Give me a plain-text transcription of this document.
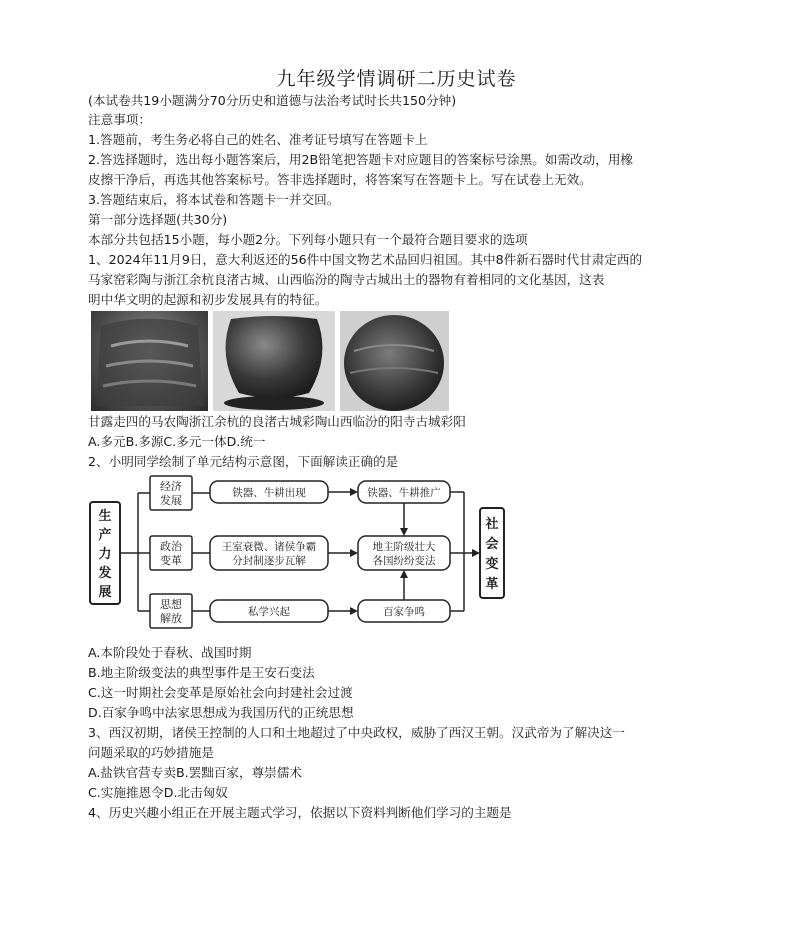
九年级学情调研二历史试卷
(本试卷共19小题满分70分历史和道德与法治考试时长共150分钟)
注意事项：
1.答题前，考生务必将自己的姓名、准考证号填写在答题卡上
2.答选择题时，选出每小题答案后，用2B铅笔把答题卡对应题目的答案标号涂黑。如需改动，用橡
皮擦干净后，再选其他答案标号。答非选择题时，将答案写在答题卡上。写在试卷上无效。
3.答题结束后，将本试卷和答题卡一并交回。
第一部分选择题(共30分)
本部分共包括15小题，每小题2分。下列每小题只有一个最符合题目要求的选项
1、2024年11月9日，意大利返还的56件中国文物艺术品回归祖国。其中8件新石器时代甘肃定西的
马家窑彩陶与浙江余杭良渚古城、山西临汾的陶寺古城出土的器物有着相同的文化基因，这表
明中华文明的起源和初步发展具有的特征。
甘露走四的马农陶浙江余杭的良渚古城彩陶山西临汾的阳寺古城彩阳
A.多元B.多源C.多元一体D.统一
2、小明同学绘制了单元结构示意图，下面解读正确的是
生
产
力
发
展
经济
发展
政治
变革
思想
解放
铁器、牛耕出现	铁器、牛耕推广
王室衰微、诸侯争霸
分封制逐步瓦解
地主阶级壮大
各国纷纷变法
私学兴起	百家争鸣
社
会
变
革
A.本阶段处于春秋、战国时期
B.地主阶级变法的典型事件是王安石变法
C.这一时期社会变革是原始社会向封建社会过渡
D.百家争鸣中法家思想成为我国历代的正统思想
3、西汉初期，诸侯王控制的人口和土地超过了中央政权，威胁了西汉王朝。汉武帝为了解决这一
问题采取的巧妙措施是
A.盐铁官营专卖B.罢黜百家，尊崇儒术
C.实施推恩令D.北击匈奴
4、历史兴趣小组正在开展主题式学习，依据以下资料判断他们学习的主题是
